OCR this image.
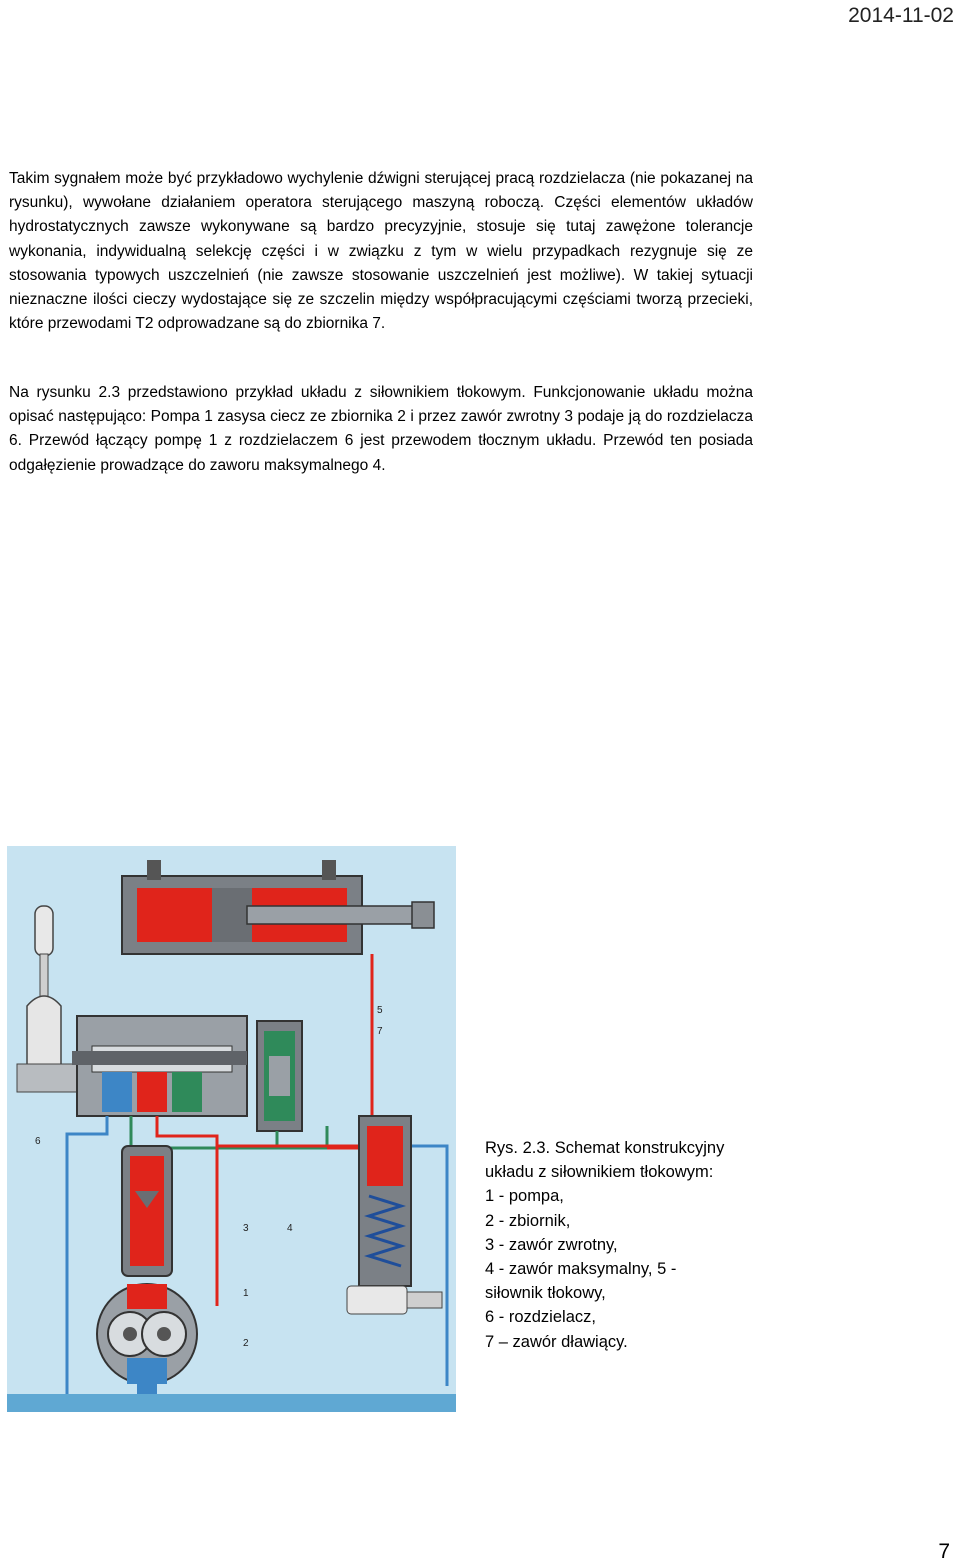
2014-11-02
Takim sygnałem może być przykładowo wychylenie dźwigni sterującej pracą rozdzielacza (nie pokazanej na rysunku), wywołane działaniem operatora sterującego maszyną roboczą. Części elementów układów hydrostatycznych zawsze wykonywane są bardzo precyzyjnie, stosuje się tutaj zawężone tolerancje wykonania, indywidualną selekcję części i w związku z tym w wielu przypadkach rezygnuje się ze stosowania typowych uszczelnień (nie zawsze stosowanie uszczelnień jest możliwe). W takiej sytuacji nieznaczne ilości cieczy wydostające się ze szczelin między współpracującymi częściami tworzą przecieki, które przewodami T2 odprowadzane są do zbiornika 7.
Na rysunku 2.3 przedstawiono przykład układu z siłownikiem tłokowym. Funkcjonowanie układu można opisać następująco: Pompa 1 zasysa ciecz ze zbiornika 2 i przez zawór zwrotny 3 podaje ją do rozdzielacza 6. Przewód łączący pompę 1 z rozdzielaczem 6 jest przewodem tłocznym układu. Przewód ten posiada odgałęzienie prowadzące do zaworu maksymalnego 4.
5
7
6
3	4
1
2
Rys. 2.3. Schemat konstrukcyjny
układu z siłownikiem tłokowym:
1 - pompa,
2 - zbiornik,
3 - zawór zwrotny,
4 - zawór maksymalny, 5 -
siłownik tłokowy,
6 - rozdzielacz,
7 – zawór dławiący.
7
